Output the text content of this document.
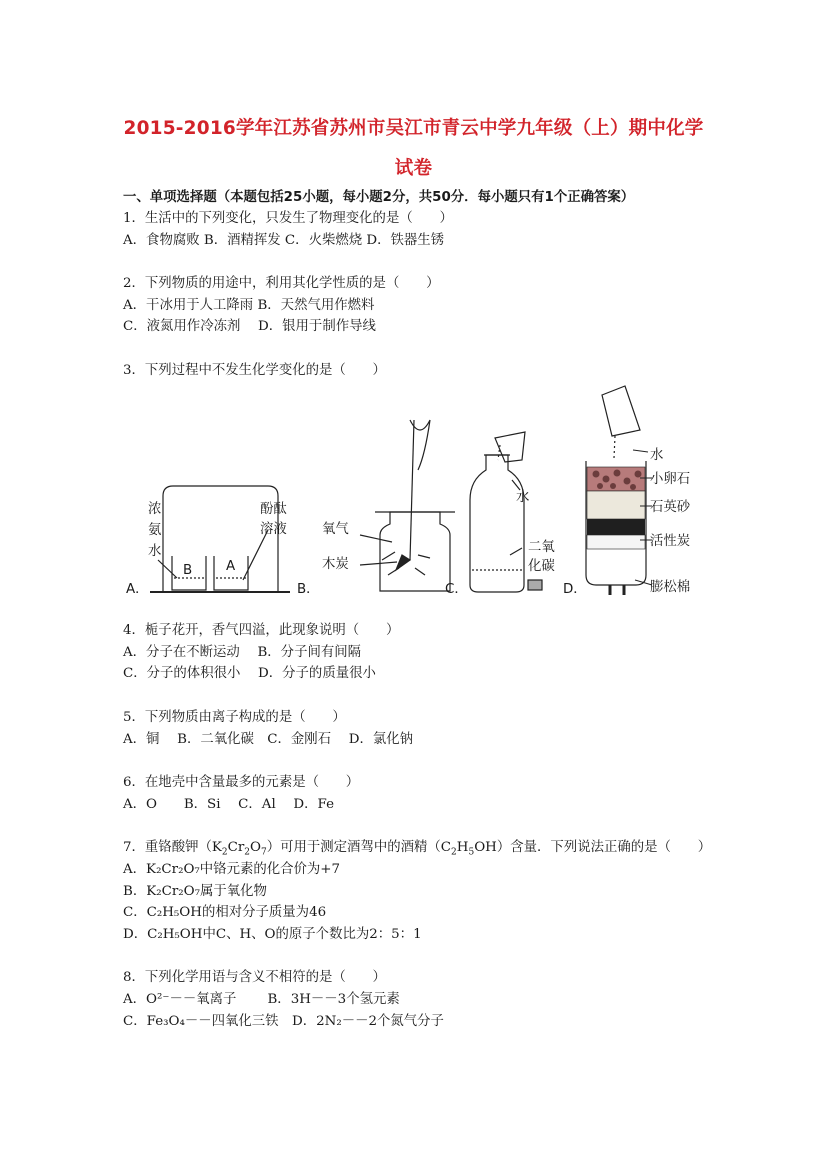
2015-2016学年江苏省苏州市吴江市青云中学九年级（上）期中化学
试卷
一、单项选择题（本题包括25小题，每小题2分，共50分．每小题只有1个正确答案）
1．生活中的下列变化，只发生了物理变化的是（　　）
A．食物腐败 B．酒精挥发 C．火柴燃烧 D．铁器生锈
2．下列物质的用途中，利用其化学性质的是（　　）
A．干冰用于人工降雨 B．天然气用作燃料
C．液氮用作冷冻剂　 D．银用于制作导线
3．下列过程中不发生化学变化的是（　　）
A．	B．	C．	D．
浓
氨
水
酚酞
溶液
B	A
氧气
木炭
水
二氧
化碳
水
小卵石
石英砂
活性炭
膨松棉
4．栀子花开，香气四溢，此现象说明（　　）
A．分子在不断运动　 B．分子间有间隔
C．分子的体积很小　 D．分子的质量很小
5．下列物质由离子构成的是（　　）
A．铜　 B．二氧化碳　C．金刚石　 D．氯化钠
6．在地壳中含量最多的元素是（　　）
A．O　　B．Si　 C．Al　 D．Fe
7．重铬酸钾$(K_2Cr_2O_7)$可用于测定酒驾中的酒精$(C_2H_5OH)$含量．下列说法正确的是（　　）
A．K₂Cr₂O₇中铬元素的化合价为+7
B．K₂Cr₂O₇属于氧化物
C．C₂H₅OH的相对分子质量为46
D．C₂H₅OH中C、H、O的原子个数比为2：5：1
8．下列化学用语与含义不相符的是（　　）
A．O²⁻－－氧离子　　 B．3H－－3个氢元素
C．Fe₃O₄－－四氧化三铁　D．2N₂－－2个氮气分子
